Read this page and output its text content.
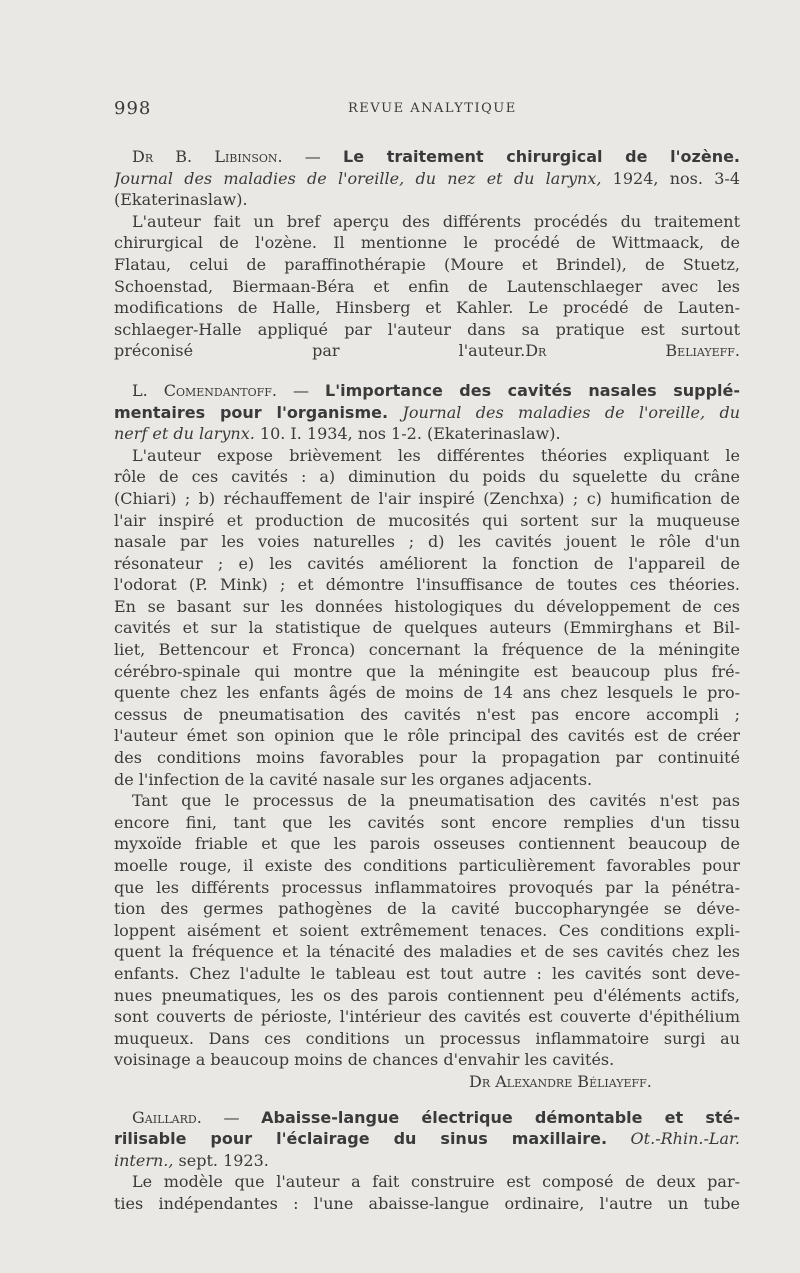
998	REVUE ANALYTIQUE
Dr B. Libinson. — Le traitement chirurgical de l'ozène.
Journal des maladies de l'oreille, du nez et du larynx, 1924, nos. 3-4
(Ekaterinaslaw).
L'auteur fait un bref aperçu des différents procédés du traitement
chirurgical de l'ozène. Il mentionne le procédé de Wittmaack, de
Flatau, celui de paraffinothérapie (Moure et Brindel), de Stuetz,
Schoenstad, Biermaan-Béra et enfin de Lautenschlaeger avec les
modifications de Halle, Hinsberg et Kahler. Le procédé de Lauten-
schlaeger-Halle appliqué par l'auteur dans sa pratique est surtout
préconisé par l'auteur.Dr Beliayeff.
L. Comendantoff. — L'importance des cavités nasales supplé-
mentaires pour l'organisme. Journal des maladies de l'oreille, du
nerf et du larynx. 10. I. 1934, nos 1-2. (Ekaterinaslaw).
L'auteur expose brièvement les différentes théories expliquant le
rôle de ces cavités : a) diminution du poids du squelette du crâne
(Chiari) ; b) réchauffement de l'air inspiré (Zenchxa) ; c) humification de
l'air inspiré et production de mucosités qui sortent sur la muqueuse
nasale par les voies naturelles ; d) les cavités jouent le rôle d'un
résonateur ; e) les cavités améliorent la fonction de l'appareil de
l'odorat (P. Mink) ; et démontre l'insuffisance de toutes ces théories.
En se basant sur les données histologiques du développement de ces
cavités et sur la statistique de quelques auteurs (Emmirghans et Bil-
liet, Bettencour et Fronca) concernant la fréquence de la méningite
cérébro-spinale qui montre que la méningite est beaucoup plus fré-
quente chez les enfants âgés de moins de 14 ans chez lesquels le pro-
cessus de pneumatisation des cavités n'est pas encore accompli ;
l'auteur émet son opinion que le rôle principal des cavités est de créer
des conditions moins favorables pour la propagation par continuité
de l'infection de la cavité nasale sur les organes adjacents.
Tant que le processus de la pneumatisation des cavités n'est pas
encore fini, tant que les cavités sont encore remplies d'un tissu
myxoïde friable et que les parois osseuses contiennent beaucoup de
moelle rouge, il existe des conditions particulièrement favorables pour
que les différents processus inflammatoires provoqués par la pénétra-
tion des germes pathogènes de la cavité buccopharyngée se déve-
loppent aisément et soient extrêmement tenaces. Ces conditions expli-
quent la fréquence et la ténacité des maladies et de ses cavités chez les
enfants. Chez l'adulte le tableau est tout autre : les cavités sont deve-
nues pneumatiques, les os des parois contiennent peu d'éléments actifs,
sont couverts de périoste, l'intérieur des cavités est couverte d'épithélium
muqueux. Dans ces conditions un processus inflammatoire surgi au
voisinage a beaucoup moins de chances d'envahir les cavités.
Dr Alexandre Béliayeff.
Gaillard. — Abaisse-langue électrique démontable et sté-
rilisable pour l'éclairage du sinus maxillaire. Ot.-Rhin.-Lar.
intern., sept. 1923.
Le modèle que l'auteur a fait construire est composé de deux par-
ties indépendantes : l'une abaisse-langue ordinaire, l'autre un tube
